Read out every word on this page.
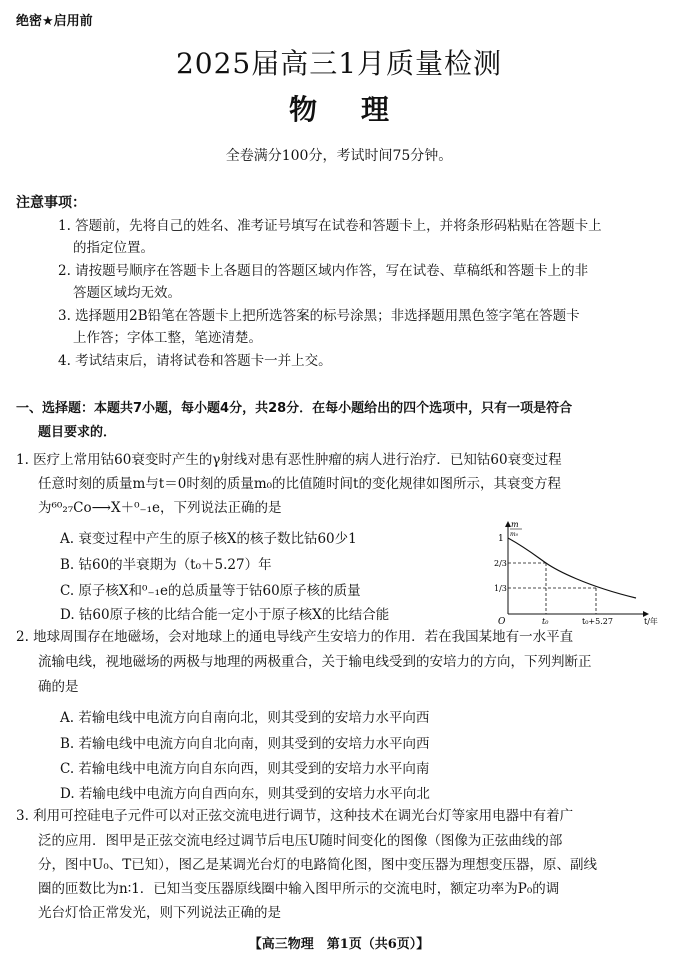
绝密★启用前
2025届高三1月质量检测
物 理
全卷满分100分，考试时间75分钟。
注意事项：
1. 答题前，先将自己的姓名、准考证号填写在试卷和答题卡上，并将条形码粘贴在答题卡上
的指定位置。
2. 请按题号顺序在答题卡上各题目的答题区域内作答，写在试卷、草稿纸和答题卡上的非
答题区域均无效。
3. 选择题用2B铅笔在答题卡上把所选答案的标号涂黑；非选择题用黑色签字笔在答题卡
上作答；字体工整，笔迹清楚。
4. 考试结束后，请将试卷和答题卡一并上交。
一、选择题：本题共7小题，每小题4分，共28分．在每小题给出的四个选项中，只有一项是符合
题目要求的．
1. 医疗上常用钴60衰变时产生的γ射线对患有恶性肿瘤的病人进行治疗．已知钴60衰变过程
任意时刻的质量m与t＝0时刻的质量m₀的比值随时间t的变化规律如图所示，其衰变方程
为⁶⁰₂₇Co⟶X＋⁰₋₁e，下列说法正确的是
A. 衰变过程中产生的原子核X的核子数比钴60少1
B. 钴60的半衰期为（t₀＋5.27）年
C. 原子核X和⁰₋₁e的总质量等于钴60原子核的质量
D. 钴60原子核的比结合能一定小于原子核X的比结合能
m
m₀
1
2/3
1/3
O	t₀	t₀+5.27	t/年
2. 地球周围存在地磁场，会对地球上的通电导线产生安培力的作用．若在我国某地有一水平直
流输电线，视地磁场的两极与地理的两极重合，关于输电线受到的安培力的方向，下列判断正
确的是
A. 若输电线中电流方向自南向北，则其受到的安培力水平向西
B. 若输电线中电流方向自北向南，则其受到的安培力水平向西
C. 若输电线中电流方向自东向西，则其受到的安培力水平向南
D. 若输电线中电流方向自西向东，则其受到的安培力水平向北
3. 利用可控硅电子元件可以对正弦交流电进行调节，这种技术在调光台灯等家用电器中有着广
泛的应用．图甲是正弦交流电经过调节后电压U随时间变化的图像（图像为正弦曲线的部
分，图中U₀、T已知），图乙是某调光台灯的电路简化图，图中变压器为理想变压器，原、副线
圈的匝数比为n∶1．已知当变压器原线圈中输入图甲所示的交流电时，额定功率为P₀的调
光台灯恰正常发光，则下列说法正确的是
【高三物理　第1页（共6页）】
